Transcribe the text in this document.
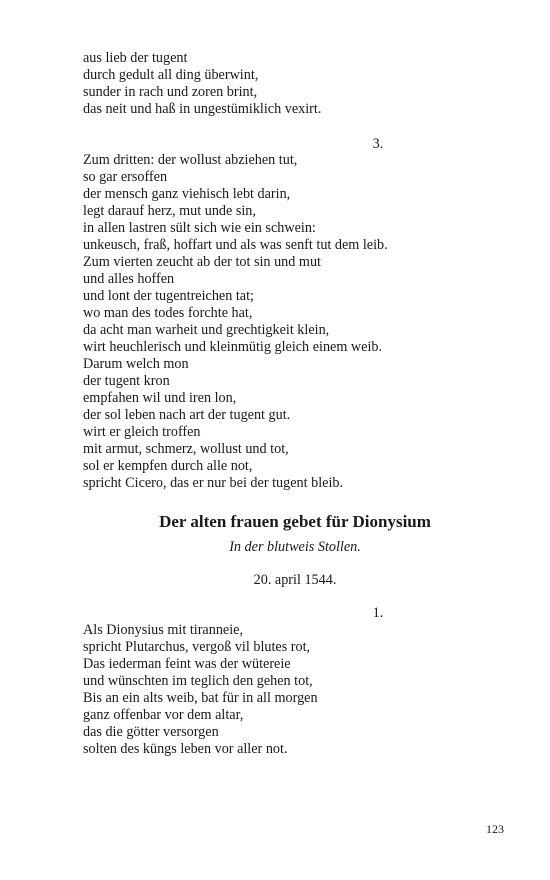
aus lieb der tugent
durch gedult all ding überwint,
sunder in rach und zoren brint,
das neit und haß in ungestümiklich vexirt.
3.
Zum dritten: der wollust abziehen tut,
so gar ersoffen
der mensch ganz viehisch lebt darin,
legt darauf herz, mut unde sin,
in allen lastren sült sich wie ein schwein:
unkeusch, fraß, hoffart und als was senft tut dem leib.
Zum vierten zeucht ab der tot sin und mut
und alles hoffen
und lont der tugentreichen tat;
wo man des todes forchte hat,
da acht man warheit und grechtigkeit klein,
wirt heuchlerisch und kleinmütig gleich einem weib.
Darum welch mon
der tugent kron
empfahen wil und iren lon,
der sol leben nach art der tugent gut.
wirt er gleich troffen
mit armut, schmerz, wollust und tot,
sol er kempfen durch alle not,
spricht Cicero, das er nur bei der tugent bleib.
Der alten frauen gebet für Dionysium
In der blutweis Stollen.
20. april 1544.
1.
Als Dionysius mit tiranneie,
spricht Plutarchus, vergoß vil blutes rot,
Das iederman feint was der wütereie
und wünschten im teglich den gehen tot,
Bis an ein alts weib, bat für in all morgen
ganz offenbar vor dem altar,
das die götter versorgen
solten des küngs leben vor aller not.
123
